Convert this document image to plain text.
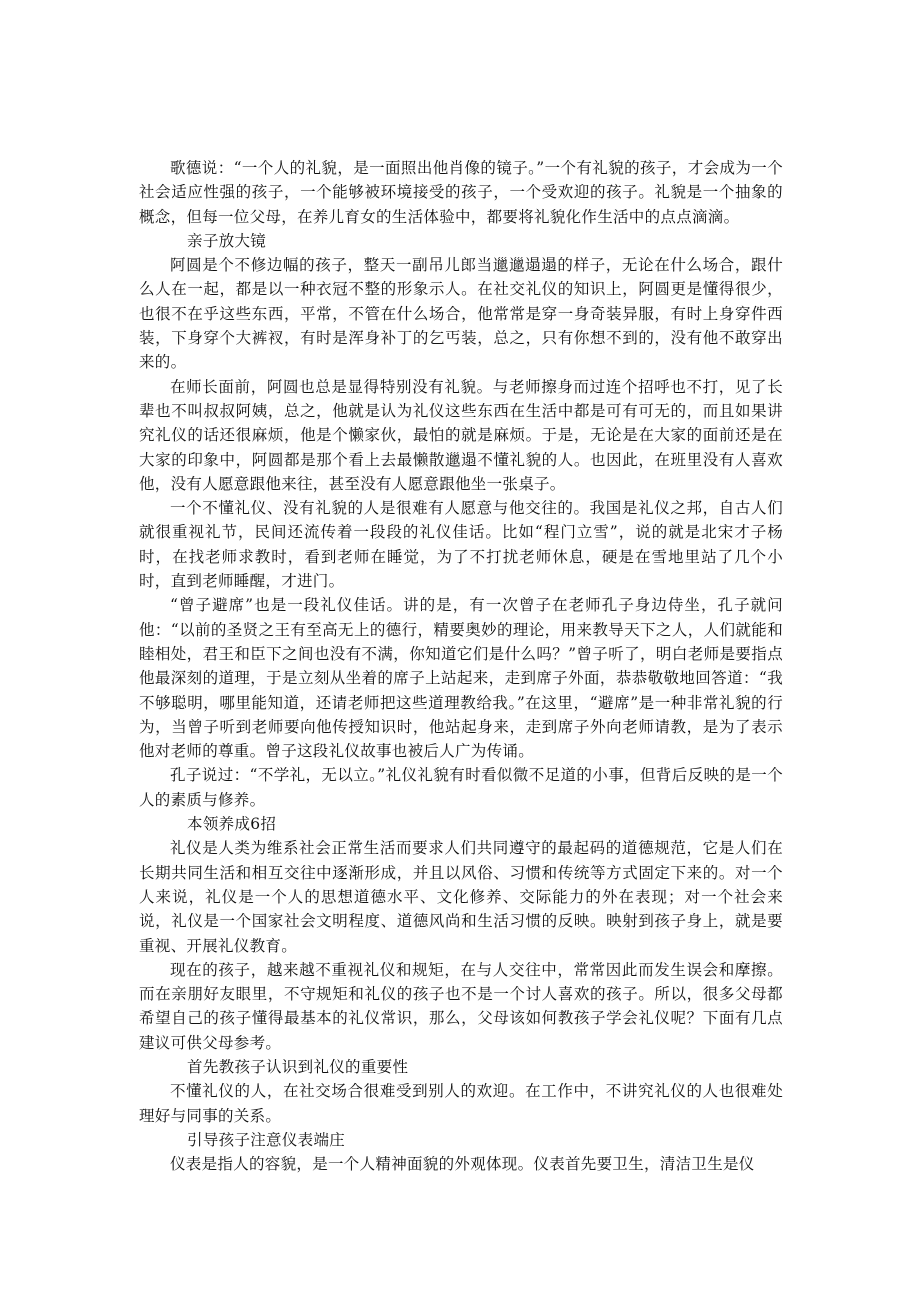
歌德说：“一个人的礼貌，是一面照出他肖像的镜子。”一个有礼貌的孩子，才会成为一个社会适应性强的孩子，一个能够被环境接受的孩子，一个受欢迎的孩子。礼貌是一个抽象的概念，但每一位父母，在养儿育女的生活体验中，都要将礼貌化作生活中的点点滴滴。

亲子放大镜

阿圆是个不修边幅的孩子，整天一副吊儿郎当邋邋遢遢的样子，无论在什么场合，跟什么人在一起，都是以一种衣冠不整的形象示人。在社交礼仪的知识上，阿圆更是懂得很少，也很不在乎这些东西，平常，不管在什么场合，他常常是穿一身奇装异服，有时上身穿件西装，下身穿个大裤衩，有时是浑身补丁的乞丐装，总之，只有你想不到的，没有他不敢穿出来的。

在师长面前，阿圆也总是显得特别没有礼貌。与老师擦身而过连个招呼也不打，见了长辈也不叫叔叔阿姨，总之，他就是认为礼仪这些东西在生活中都是可有可无的，而且如果讲究礼仪的话还很麻烦，他是个懒家伙，最怕的就是麻烦。于是，无论是在大家的面前还是在大家的印象中，阿圆都是那个看上去最懒散邋遢不懂礼貌的人。也因此，在班里没有人喜欢他，没有人愿意跟他来往，甚至没有人愿意跟他坐一张桌子。

一个不懂礼仪、没有礼貌的人是很难有人愿意与他交往的。我国是礼仪之邦，自古人们就很重视礼节，民间还流传着一段段的礼仪佳话。比如“程门立雪”，说的就是北宋才子杨时，在找老师求教时，看到老师在睡觉，为了不打扰老师休息，硬是在雪地里站了几个小时，直到老师睡醒，才进门。

“曾子避席”也是一段礼仪佳话。讲的是，有一次曾子在老师孔子身边侍坐，孔子就问他：“以前的圣贤之王有至高无上的德行，精要奥妙的理论，用来教导天下之人，人们就能和睦相处，君王和臣下之间也没有不满，你知道它们是什么吗？”曾子听了，明白老师是要指点他最深刻的道理，于是立刻从坐着的席子上站起来，走到席子外面，恭恭敬敬地回答道：“我不够聪明，哪里能知道，还请老师把这些道理教给我。”在这里，“避席”是一种非常礼貌的行为，当曾子听到老师要向他传授知识时，他站起身来，走到席子外向老师请教，是为了表示他对老师的尊重。曾子这段礼仪故事也被后人广为传诵。

孔子说过：“不学礼，无以立。”礼仪礼貌有时看似微不足道的小事，但背后反映的是一个人的素质与修养。

本领养成6招

礼仪是人类为维系社会正常生活而要求人们共同遵守的最起码的道德规范，它是人们在长期共同生活和相互交往中逐渐形成，并且以风俗、习惯和传统等方式固定下来的。对一个人来说，礼仪是一个人的思想道德水平、文化修养、交际能力的外在表现；对一个社会来说，礼仪是一个国家社会文明程度、道德风尚和生活习惯的反映。映射到孩子身上，就是要重视、开展礼仪教育。

现在的孩子，越来越不重视礼仪和规矩，在与人交往中，常常因此而发生误会和摩擦。而在亲朋好友眼里，不守规矩和礼仪的孩子也不是一个讨人喜欢的孩子。所以，很多父母都希望自己的孩子懂得最基本的礼仪常识，那么，父母该如何教孩子学会礼仪呢？下面有几点建议可供父母参考。

首先教孩子认识到礼仪的重要性

不懂礼仪的人，在社交场合很难受到别人的欢迎。在工作中，不讲究礼仪的人也很难处理好与同事的关系。

引导孩子注意仪表端庄

仪表是指人的容貌，是一个人精神面貌的外观体现。仪表首先要卫生，清洁卫生是仪
